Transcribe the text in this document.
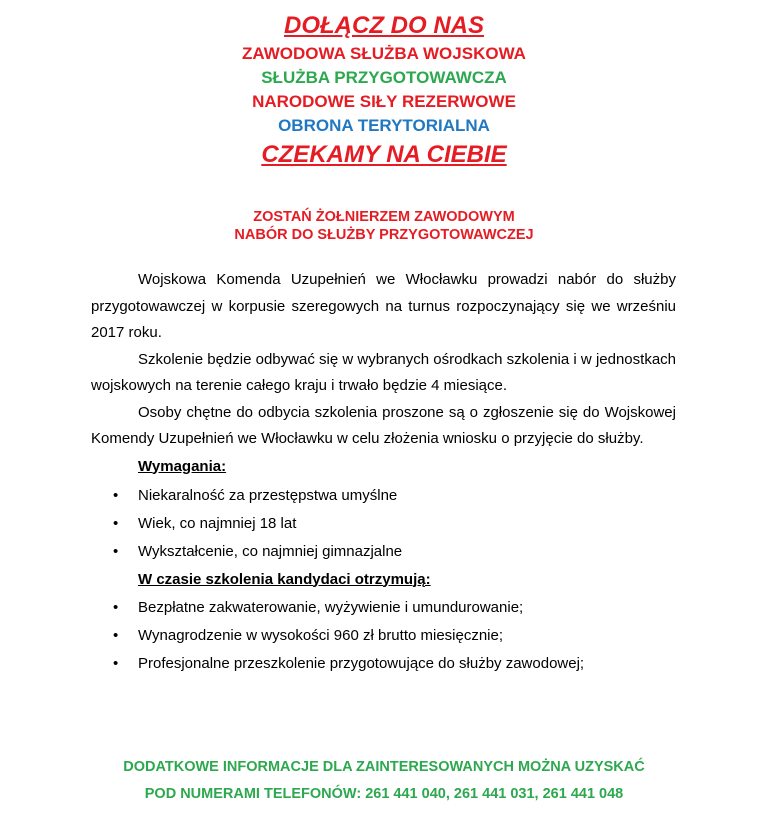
DOŁĄCZ DO NAS

ZAWODOWA SŁUŻBA WOJSKOWA

SŁUŻBA PRZYGOTOWAWCZA

NARODOWE SIŁY REZERWOWE

OBRONA TERYTORIALNA

CZEKAMY NA CIEBIE

ZOSTAŃ ŻOŁNIERZEM ZAWODOWYM

NABÓR DO SŁUŻBY PRZYGOTOWAWCZEJ

Wojskowa Komenda Uzupełnień we Włocławku prowadzi nabór do służby przygotowawczej w korpusie szeregowych na turnus rozpoczynający się we wrześniu 2017 roku.

Szkolenie będzie odbywać się w wybranych ośrodkach szkolenia i w jednostkach wojskowych na terenie całego kraju i trwało będzie 4 miesiące.

Osoby chętne do odbycia szkolenia proszone są o zgłoszenie się do Wojskowej Komendy Uzupełnień we Włocławku w celu złożenia wniosku o przyjęcie do służby.

Wymagania:

• Niekaralność za przestępstwa umyślne
• Wiek, co najmniej 18 lat
• Wykształcenie, co najmniej gimnazjalne

W czasie szkolenia kandydaci otrzymują:

• Bezpłatne zakwaterowanie, wyżywienie i umundurowanie;
• Wynagrodzenie w wysokości 960 zł brutto miesięcznie;
• Profesjonalne przeszkolenie przygotowujące do służby zawodowej;

DODATKOWE INFORMACJE DLA ZAINTERESOWANYCH MOŻNA UZYSKAĆ

POD NUMERAMI TELEFONÓW: 261 441 040, 261 441 031, 261 441 048
